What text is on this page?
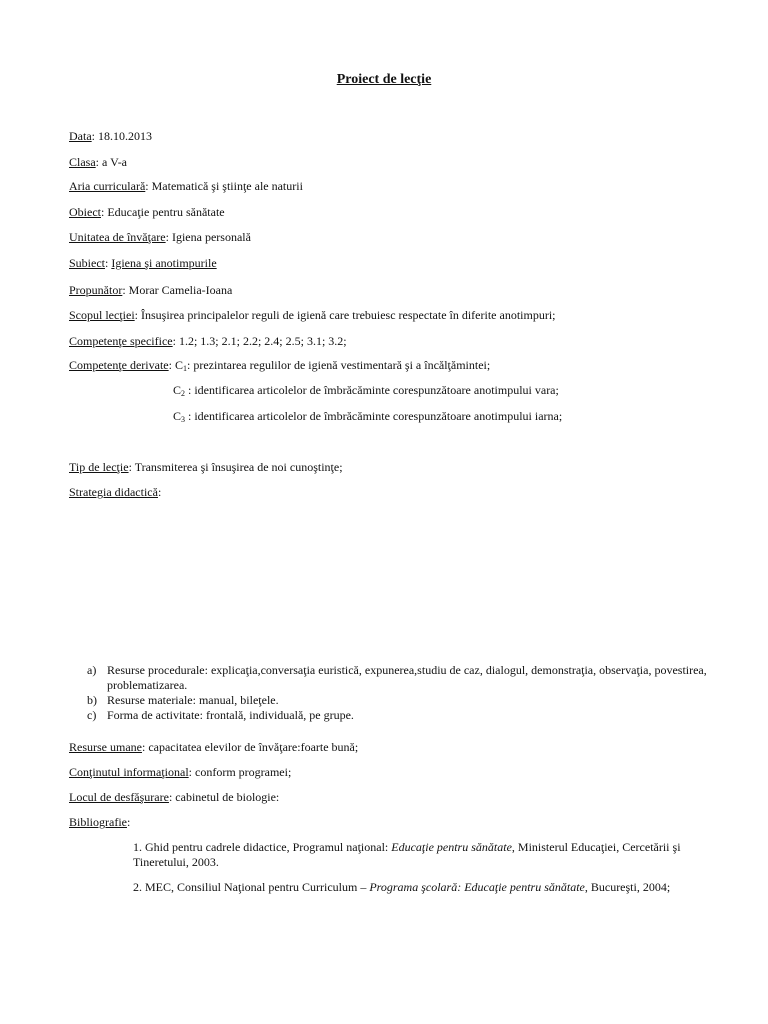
Proiect de lecţie
Data: 18.10.2013
Clasa: a V-a
Aria curriculară: Matematică şi ştiinţe ale naturii
Obiect: Educaţie pentru sănătate
Unitatea de învăţare: Igiena personală
Subiect: Igiena şi anotimpurile
Propunător: Morar Camelia-Ioana
Scopul lecţiei: Însuşirea principalelor reguli de igienă care trebuiesc respectate în diferite anotimpuri;
Competenţe specifice: 1.2; 1.3; 2.1; 2.2; 2.4; 2.5; 3.1; 3.2;
Competenţe derivate: $C_1$: prezintarea regulilor de igienă vestimentară şi a încălţămintei;
$C_2$ : identificarea articolelor de îmbrăcăminte corespunzătoare anotimpului vara;
$C_3$ : identificarea articolelor de îmbrăcăminte corespunzătoare anotimpului iarna;
Tip de lecţie: Transmiterea şi însuşirea de noi cunoştinţe;
Strategia didactică:
a) Resurse procedurale: explicaţia,conversaţia euristică, expunerea,studiu de caz, dialogul, demonstraţia, observaţia, povestirea, problematizarea.
b) Resurse materiale: manual, bileţele.
c) Forma de activitate: frontală, individuală, pe grupe.
Resurse umane: capacitatea elevilor de învăţare:foarte bună;
Conţinutul informaţional: conform programei;
Locul de desfăşurare: cabinetul de biologie:
Bibliografie:
1. Ghid pentru cadrele didactice, Programul naţional: Educaţie pentru sănătate, Ministerul Educaţiei, Cercetării şi Tineretului, 2003.
2. MEC, Consiliul Naţional pentru Curriculum – Programa şcolară: Educaţie pentru sănătate, Bucureşti, 2004;
